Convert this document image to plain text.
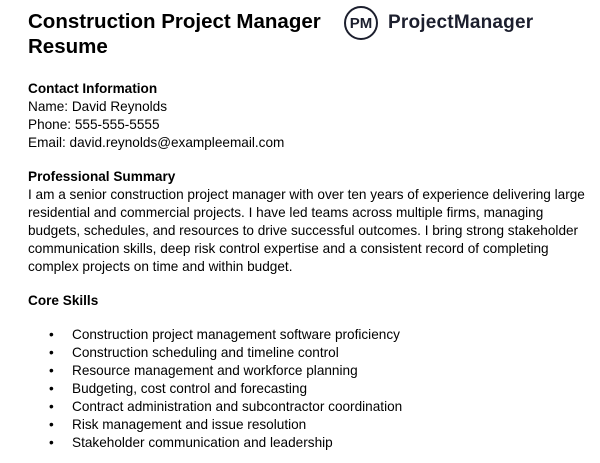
Construction Project Manager Resume
PM ProjectManager
Contact Information

Name: David Reynolds

Phone: 555-555-5555

Email: david.reynolds@exampleemail.com

Professional Summary

I am a senior construction project manager with over ten years of experience delivering large residential and commercial projects. I have led teams across multiple firms, managing budgets, schedules, and resources to drive successful outcomes. I bring strong stakeholder communication skills, deep risk control expertise and a consistent record of completing complex projects on time and within budget.

Core Skills
• Construction project management software proficiency
• Construction scheduling and timeline control
• Resource management and workforce planning
• Budgeting, cost control and forecasting
• Contract administration and subcontractor coordination
• Risk management and issue resolution
• Stakeholder communication and leadership
